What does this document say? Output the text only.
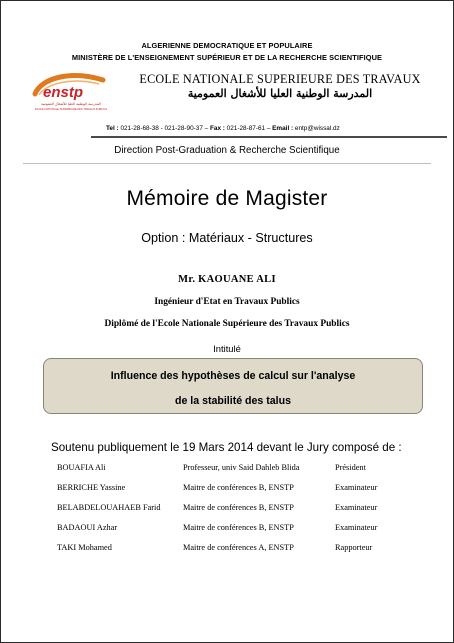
ALGERIENNE DEMOCRATIQUE ET POPULAIRE
MINISTÈRE DE L'ENSEIGNEMENT SUPÉRIEUR ET DE LA RECHERCHE SCIENTIFIQUE
enstp
المدرسة الوطنية العليا للأشغال العمومية
ECOLE NATIONALE SUPERIEURE DES TRAVAUX PUBLICS
ECOLE NATIONALE SUPERIEURE DES TRAVAUX
المدرسة الوطنية العليا للأشغال العمومية
Tel : 021-28-68-38 - 021-28-90-37 – Fax : 021-28-87-61 – Email : entp@wissal.dz
Direction Post-Graduation & Recherche Scientifique
Mémoire de Magister
Option : Matériaux - Structures
Mr. KAOUANE ALI
Ingénieur d'Etat en Travaux Publics
Diplômé de l'Ecole Nationale Supérieure des Travaux Publics
Intitulé
Influence des hypothèses de calcul sur l'analyse
de la stabilité des talus
Soutenu publiquement le 19 Mars 2014 devant le Jury composé de :
BOUAFIA Ali	Professeur, univ Said Dahleb Blida	Président
BERRICHE Yassine	Maitre de conférences B, ENSTP	Examinateur
BELABDELOUAHAEB Farid	Maitre de conférences B, ENSTP	Examinateur
BADAOUI Azhar	Maitre de conférences B, ENSTP	Examinateur
TAKI Mohamed	Maitre de conférences A, ENSTP	Rapporteur
